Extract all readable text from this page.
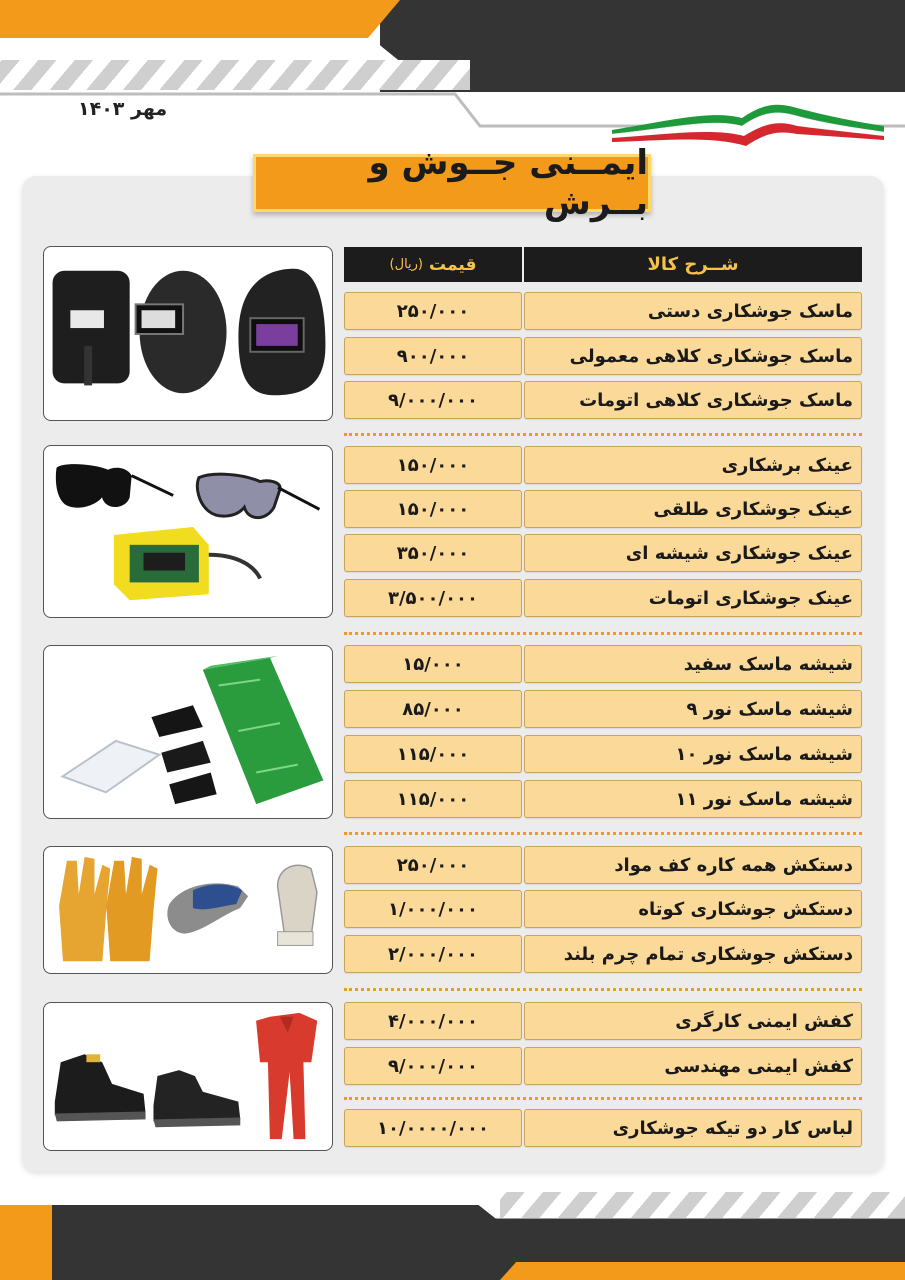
مهر ۱۴۰۳
ایمــنی جــوش و بــرش
شــرح کالا
قیمت
(ریال)
۲۵۰/۰۰۰	ماسک جوشکاری دستی
۹۰۰/۰۰۰	ماسک جوشکاری کلاهی معمولی
۹/۰۰۰/۰۰۰	ماسک جوشکاری کلاهی اتومات
۱۵۰/۰۰۰	عینک برشکاری
۱۵۰/۰۰۰	عینک جوشکاری طلقی
۳۵۰/۰۰۰	عینک جوشکاری شیشه ای
۳/۵۰۰/۰۰۰	عینک جوشکاری اتومات
۱۵/۰۰۰	شیشه ماسک سفید
۸۵/۰۰۰	شیشه ماسک نور ۹
۱۱۵/۰۰۰	شیشه ماسک نور ۱۰
۱۱۵/۰۰۰	شیشه ماسک نور ۱۱
۲۵۰/۰۰۰	دستکش همه کاره کف مواد
۱/۰۰۰/۰۰۰	دستکش جوشکاری کوتاه
۲/۰۰۰/۰۰۰	دستکش جوشکاری تمام چرم بلند
۴/۰۰۰/۰۰۰	کفش ایمنی کارگری
۹/۰۰۰/۰۰۰	کفش ایمنی مهندسی
۱۰/۰۰۰۰/۰۰۰	لباس کار دو تیکه جوشکاری
